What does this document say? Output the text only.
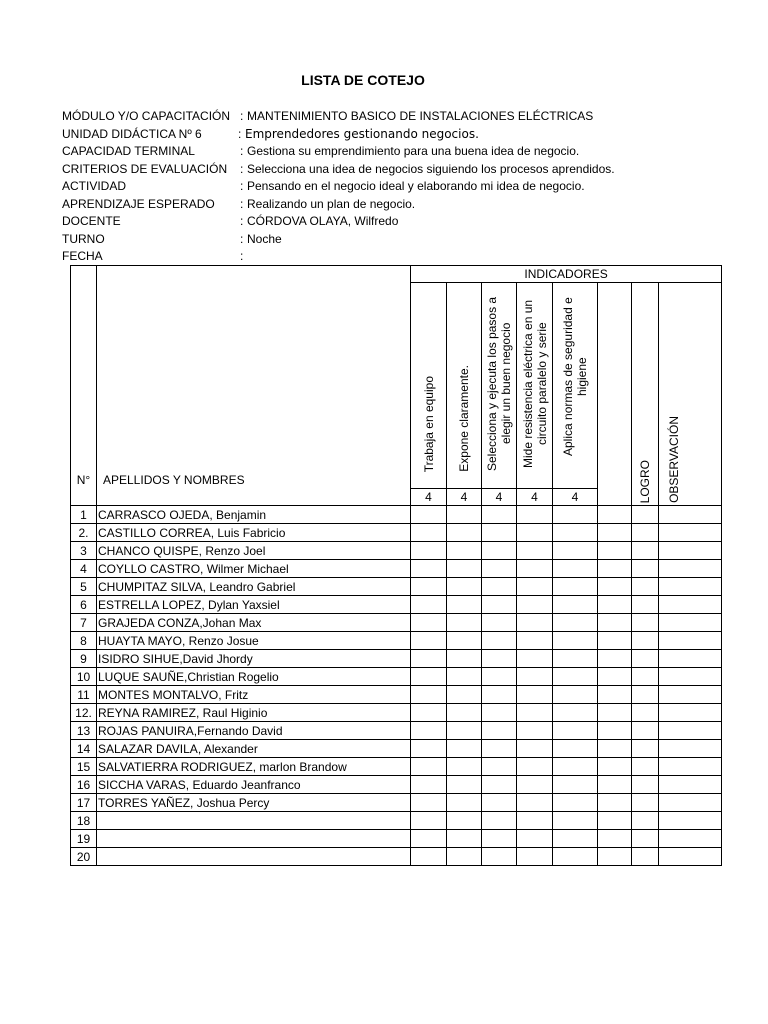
LISTA DE COTEJO
MÓDULO Y/O CAPACITACIÓN : MANTENIMIENTO BASICO DE INSTALACIONES ELÉCTRICAS
UNIDAD DIDÁCTICA Nº 6	: Emprendedores gestionando negocios.
CAPACIDAD TERMINAL	: Gestiona su emprendimiento para una buena idea de negocio.
CRITERIOS DE EVALUACIÓN	: Selecciona una idea de negocios siguiendo los procesos aprendidos.
ACTIVIDAD	: Pensando en el negocio ideal y elaborando mi idea de negocio.
APRENDIZAJE ESPERADO	: Realizando un plan de negocio.
DOCENTE	: CÓRDOVA OLAYA, Wilfredo
TURNO	: Noche
FECHA	:
N°	APELLIDOS Y NOMBRES	INDICADORES							

		Trabaja en equipo	Expone claramente.	Selecciona y ejecuta los pasos a elegir un buen negocio	Mide resistencia eléctrica en un circuito paralelo y serie	Aplica normas de seguridad e higiene		LOGRO	OBSERVACIÓN

		4	4	4	4	4			
1	CARRASCO OJEDA, Benjamin								
2.	CASTILLO CORREA, Luis Fabricio								
3	CHANCO QUISPE, Renzo Joel								
4	COYLLO CASTRO, Wilmer Michael								
5	CHUMPITAZ SILVA, Leandro Gabriel								
6	ESTRELLA LOPEZ, Dylan Yaxsiel								
7	GRAJEDA CONZA,Johan Max								
8	HUAYTA MAYO, Renzo Josue								
9	ISIDRO SIHUE,David Jhordy								
10	LUQUE SAUÑE,Christian Rogelio								
11	MONTES MONTALVO, Fritz								
12.	REYNA RAMIREZ, Raul Higinio								
13	ROJAS PANUIRA,Fernando David								
14	SALAZAR DAVILA, Alexander								
15	SALVATIERRA RODRIGUEZ, marlon Brandow								
16	SICCHA VARAS, Eduardo Jeanfranco								
17	TORRES YAÑEZ, Joshua Percy								
18									
19									
20									
